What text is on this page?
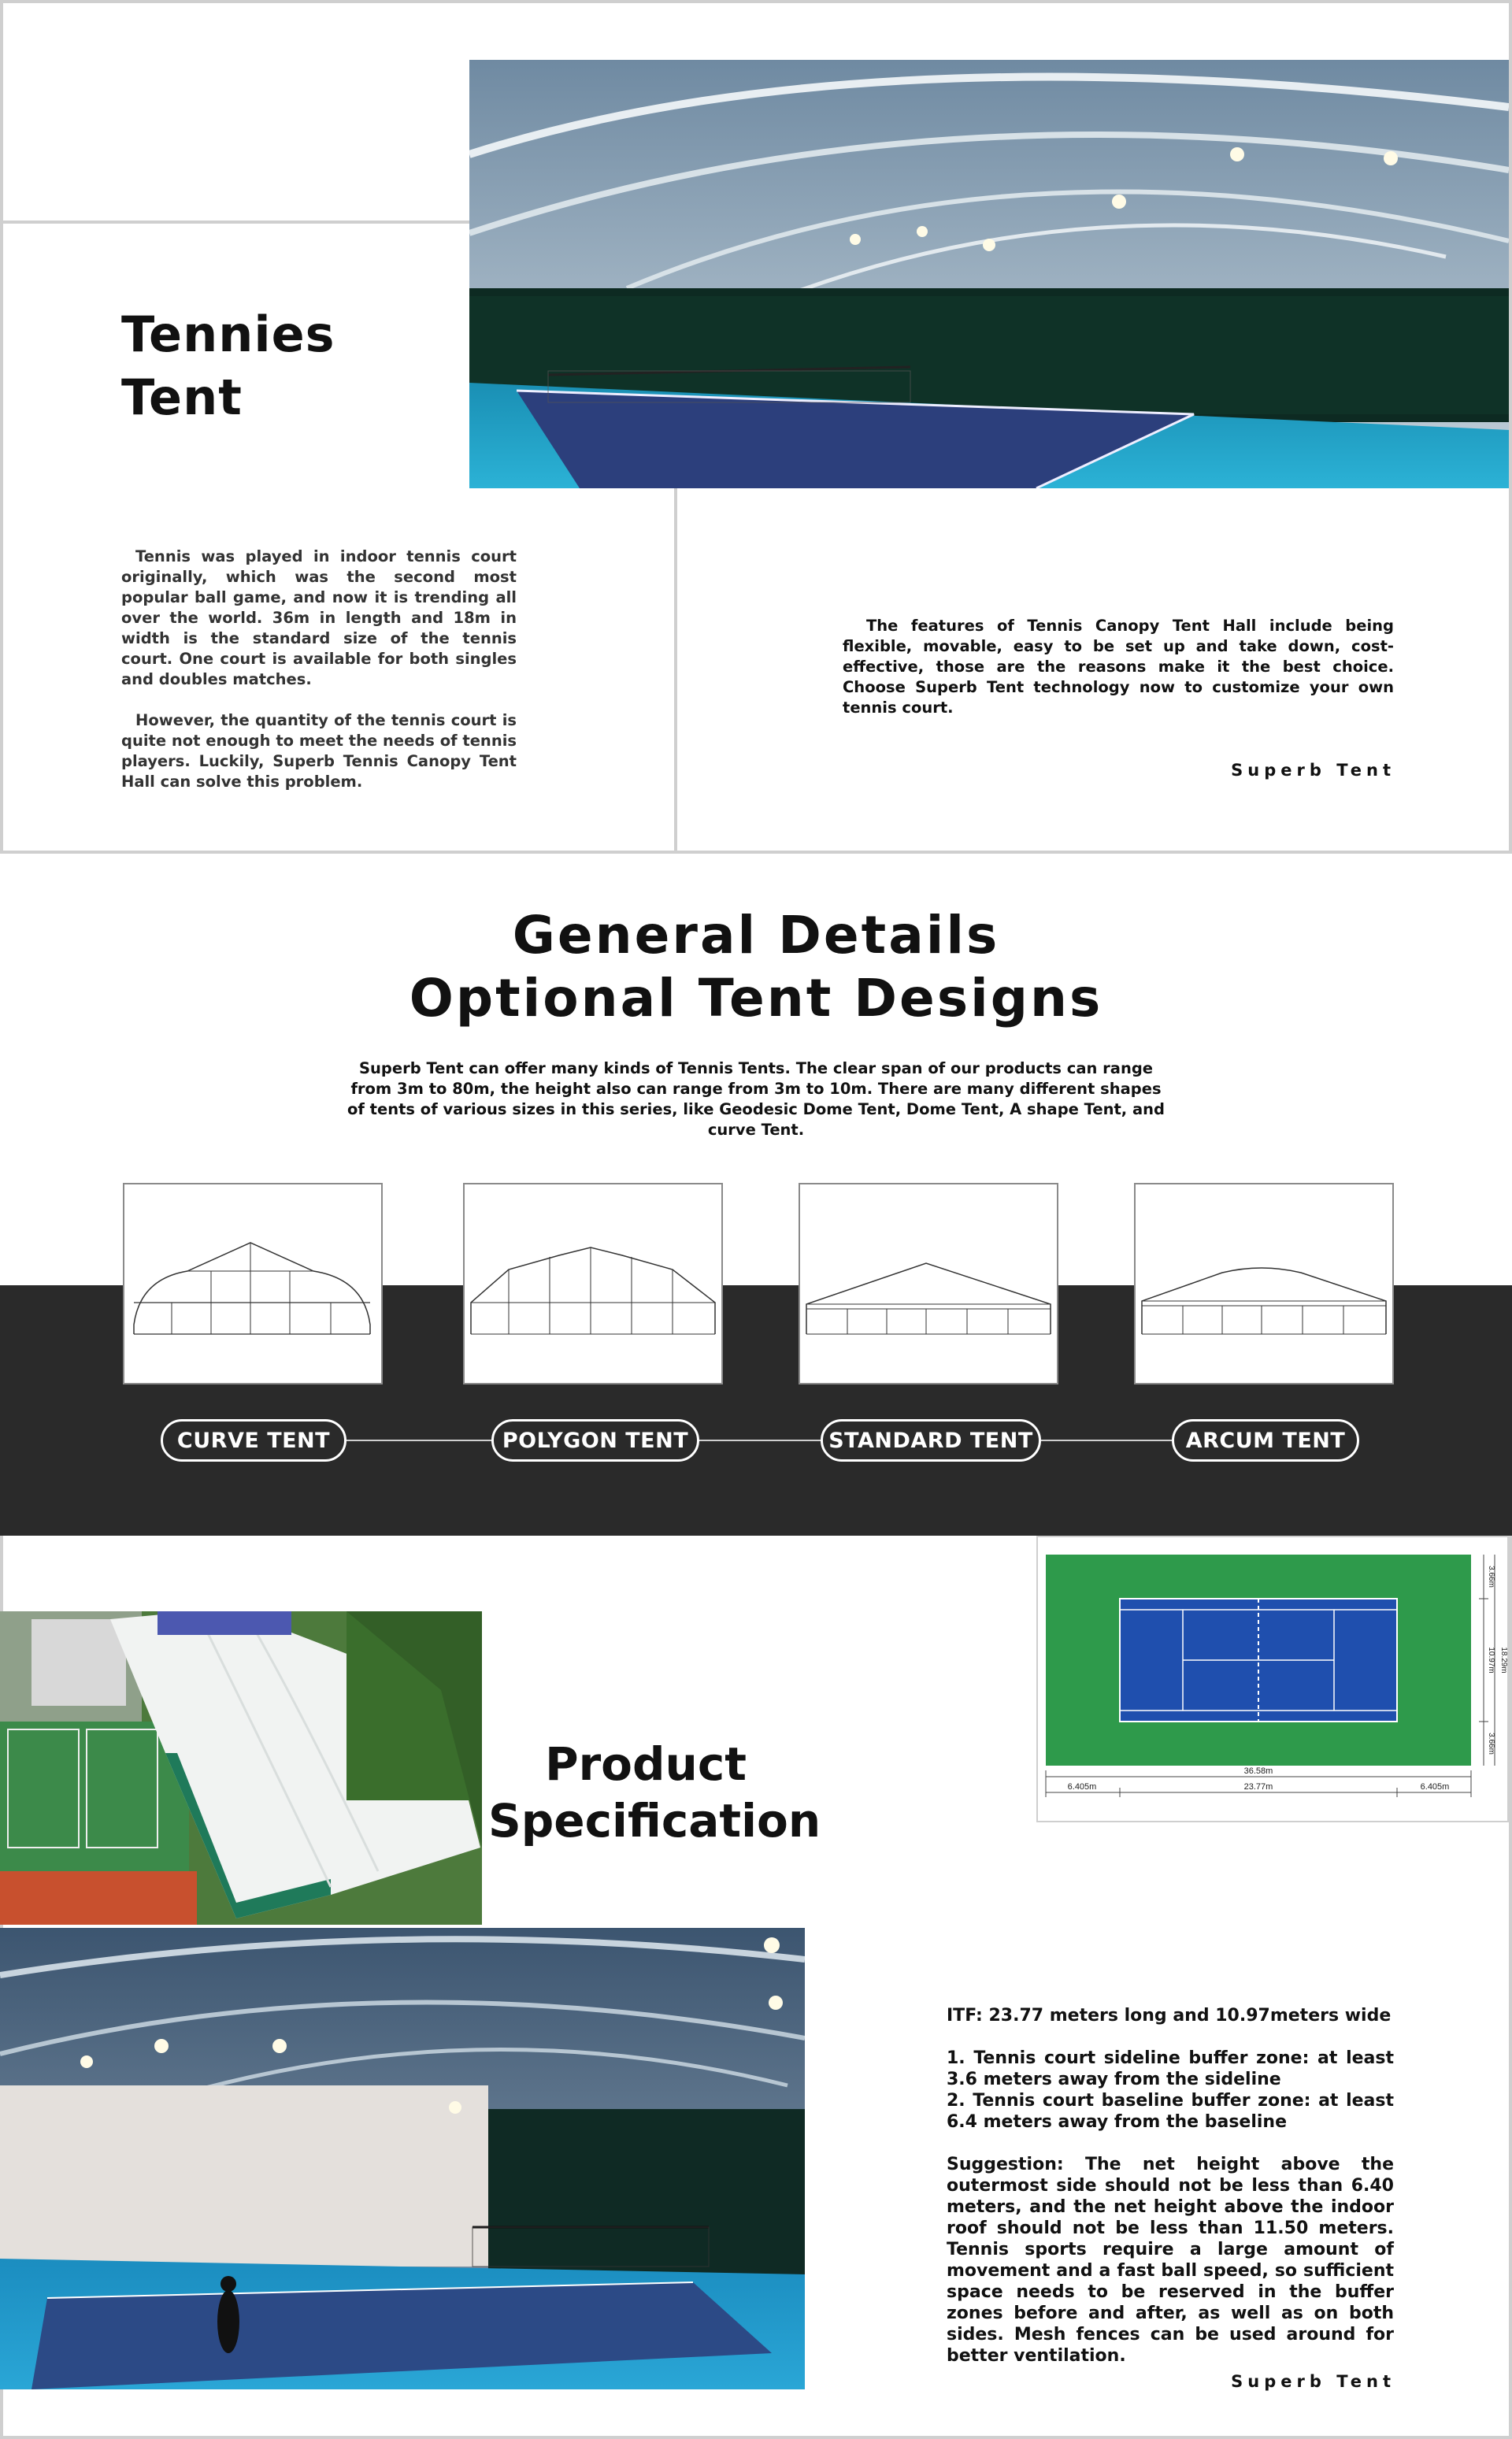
Tennies
Tent

Tennis was played in indoor tennis court originally, which was the second most popular ball game, and now it is trending all over the world. 36m in length and 18m in width is the standard size of the tennis court. One court is available for both singles and doubles matches.

However, the quantity of the tennis court is quite not enough to meet the needs of tennis players. Luckily, Superb Tennis Canopy Tent Hall can solve this problem.

The features of Tennis Canopy Tent Hall include being flexible, movable, easy to be set up and take down, cost-effective, those are the reasons make it the best choice. Choose Superb Tent technology now to customize your own tennis court.
Superb Tent
General Details
Optional Tent Designs
Superb Tent can offer many kinds of Tennis Tents. The clear span of our products can range from 3m to 80m, the height also can range from 3m to 10m. There are many different shapes of tents of various sizes in this series, like Geodesic Dome Tent, Dome Tent, A shape Tent, and curve Tent.
CURVE TENT	POLYGON TENT	STANDARD TENT	ARCUM TENT
Product
Specification
36.58m
23.77m
6.405m	6.405m
18.29m
10.97m
3.66m
3.66m

ITF: 23.77 meters long and 10.97meters wide

1. Tennis court sideline buffer zone: at least 3.6 meters away from the sideline

2. Tennis court baseline buffer zone: at least 6.4 meters away from the baseline

Suggestion: The net height above the outermost side should not be less than 6.40 meters, and the net height above the indoor roof should not be less than 11.50 meters. Tennis sports require a large amount of movement and a fast ball speed, so sufficient space needs to be reserved in the buffer zones before and after, as well as on both sides. Mesh fences can be used around for better ventilation.

Superb Tent
